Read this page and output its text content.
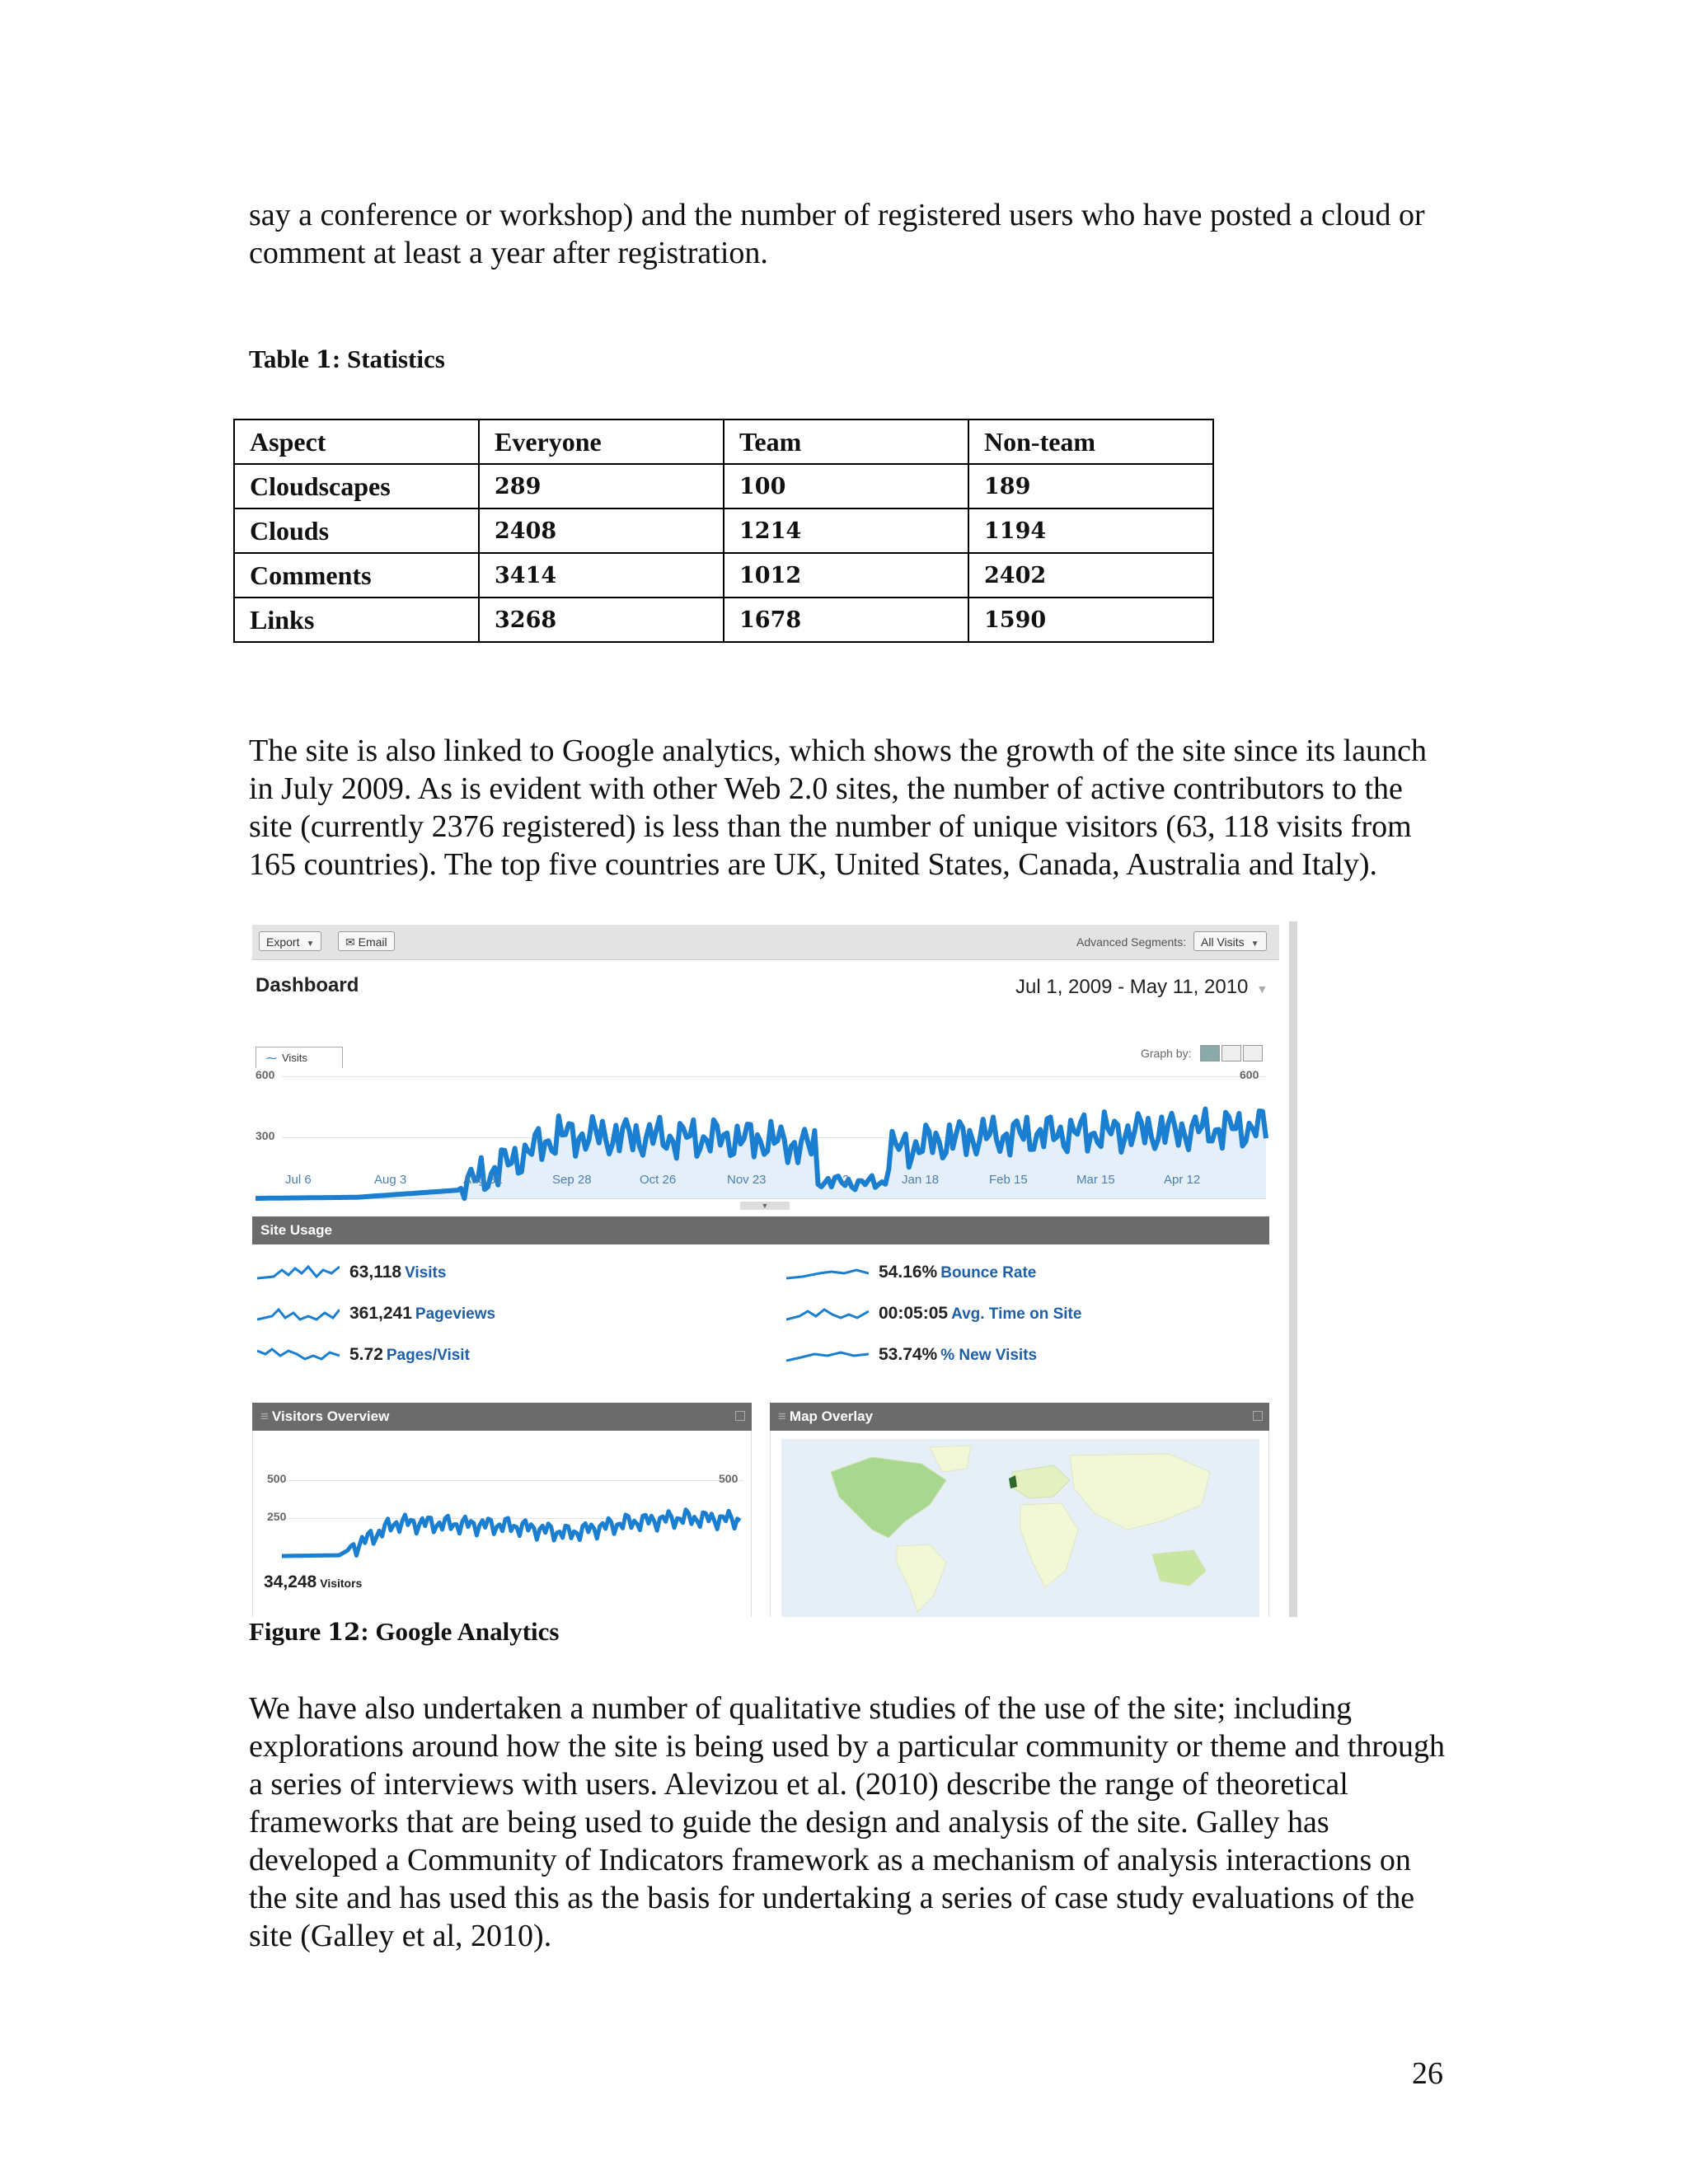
say a conference or workshop) and the number of registered users who have posted a cloud or comment at least a year after registration.

Table 1: Statistics

Aspect	Everyone	Team	Non-team
Cloudscapes	289	100	189
Clouds	2408	1214	1194
Comments	3414	1012	2402
Links	3268	1678	1590

The site is also linked to Google analytics, which shows the growth of the site since its launch in July 2009. As is evident with other Web 2.0 sites, the number of active contributors to the site (currently 2376 registered) is less than the number of unique visitors (63, 118 visits from 165 countries). The top five countries are UK, United States, Canada, Australia and Italy).

Export ▼	✉ Email	Advanced Segments:	All Visits ▼
Dashboard	Jul 1, 2009 - May 11, 2010 ▼
⁓ Visits	Graph by:
600
300
600
Jul 6	Aug 3	Aug 31	Sep 28	Oct 26	Nov 23	2	Jan 18	Feb 15	Mar 15	Apr 12
▼
Site Usage
63,118 Visits
361,241 Pageviews
5.72 Pages/Visit
54.16% Bounce Rate
00:05:05 Avg. Time on Site
53.74% % New Visits
≡ Visitors Overview
500
250
500
34,248 Visitors
≡ Map Overlay

Figure 12: Google Analytics

We have also undertaken a number of qualitative studies of the use of the site; including explorations around how the site is being used by a particular community or theme and through a series of interviews with users. Alevizou et al. (2010) describe the range of theoretical frameworks that are being used to guide the design and analysis of the site. Galley has developed a Community of Indicators framework as a mechanism of analysis interactions on the site and has used this as the basis for undertaking a series of case study evaluations of the site (Galley et al, 2010).

26
